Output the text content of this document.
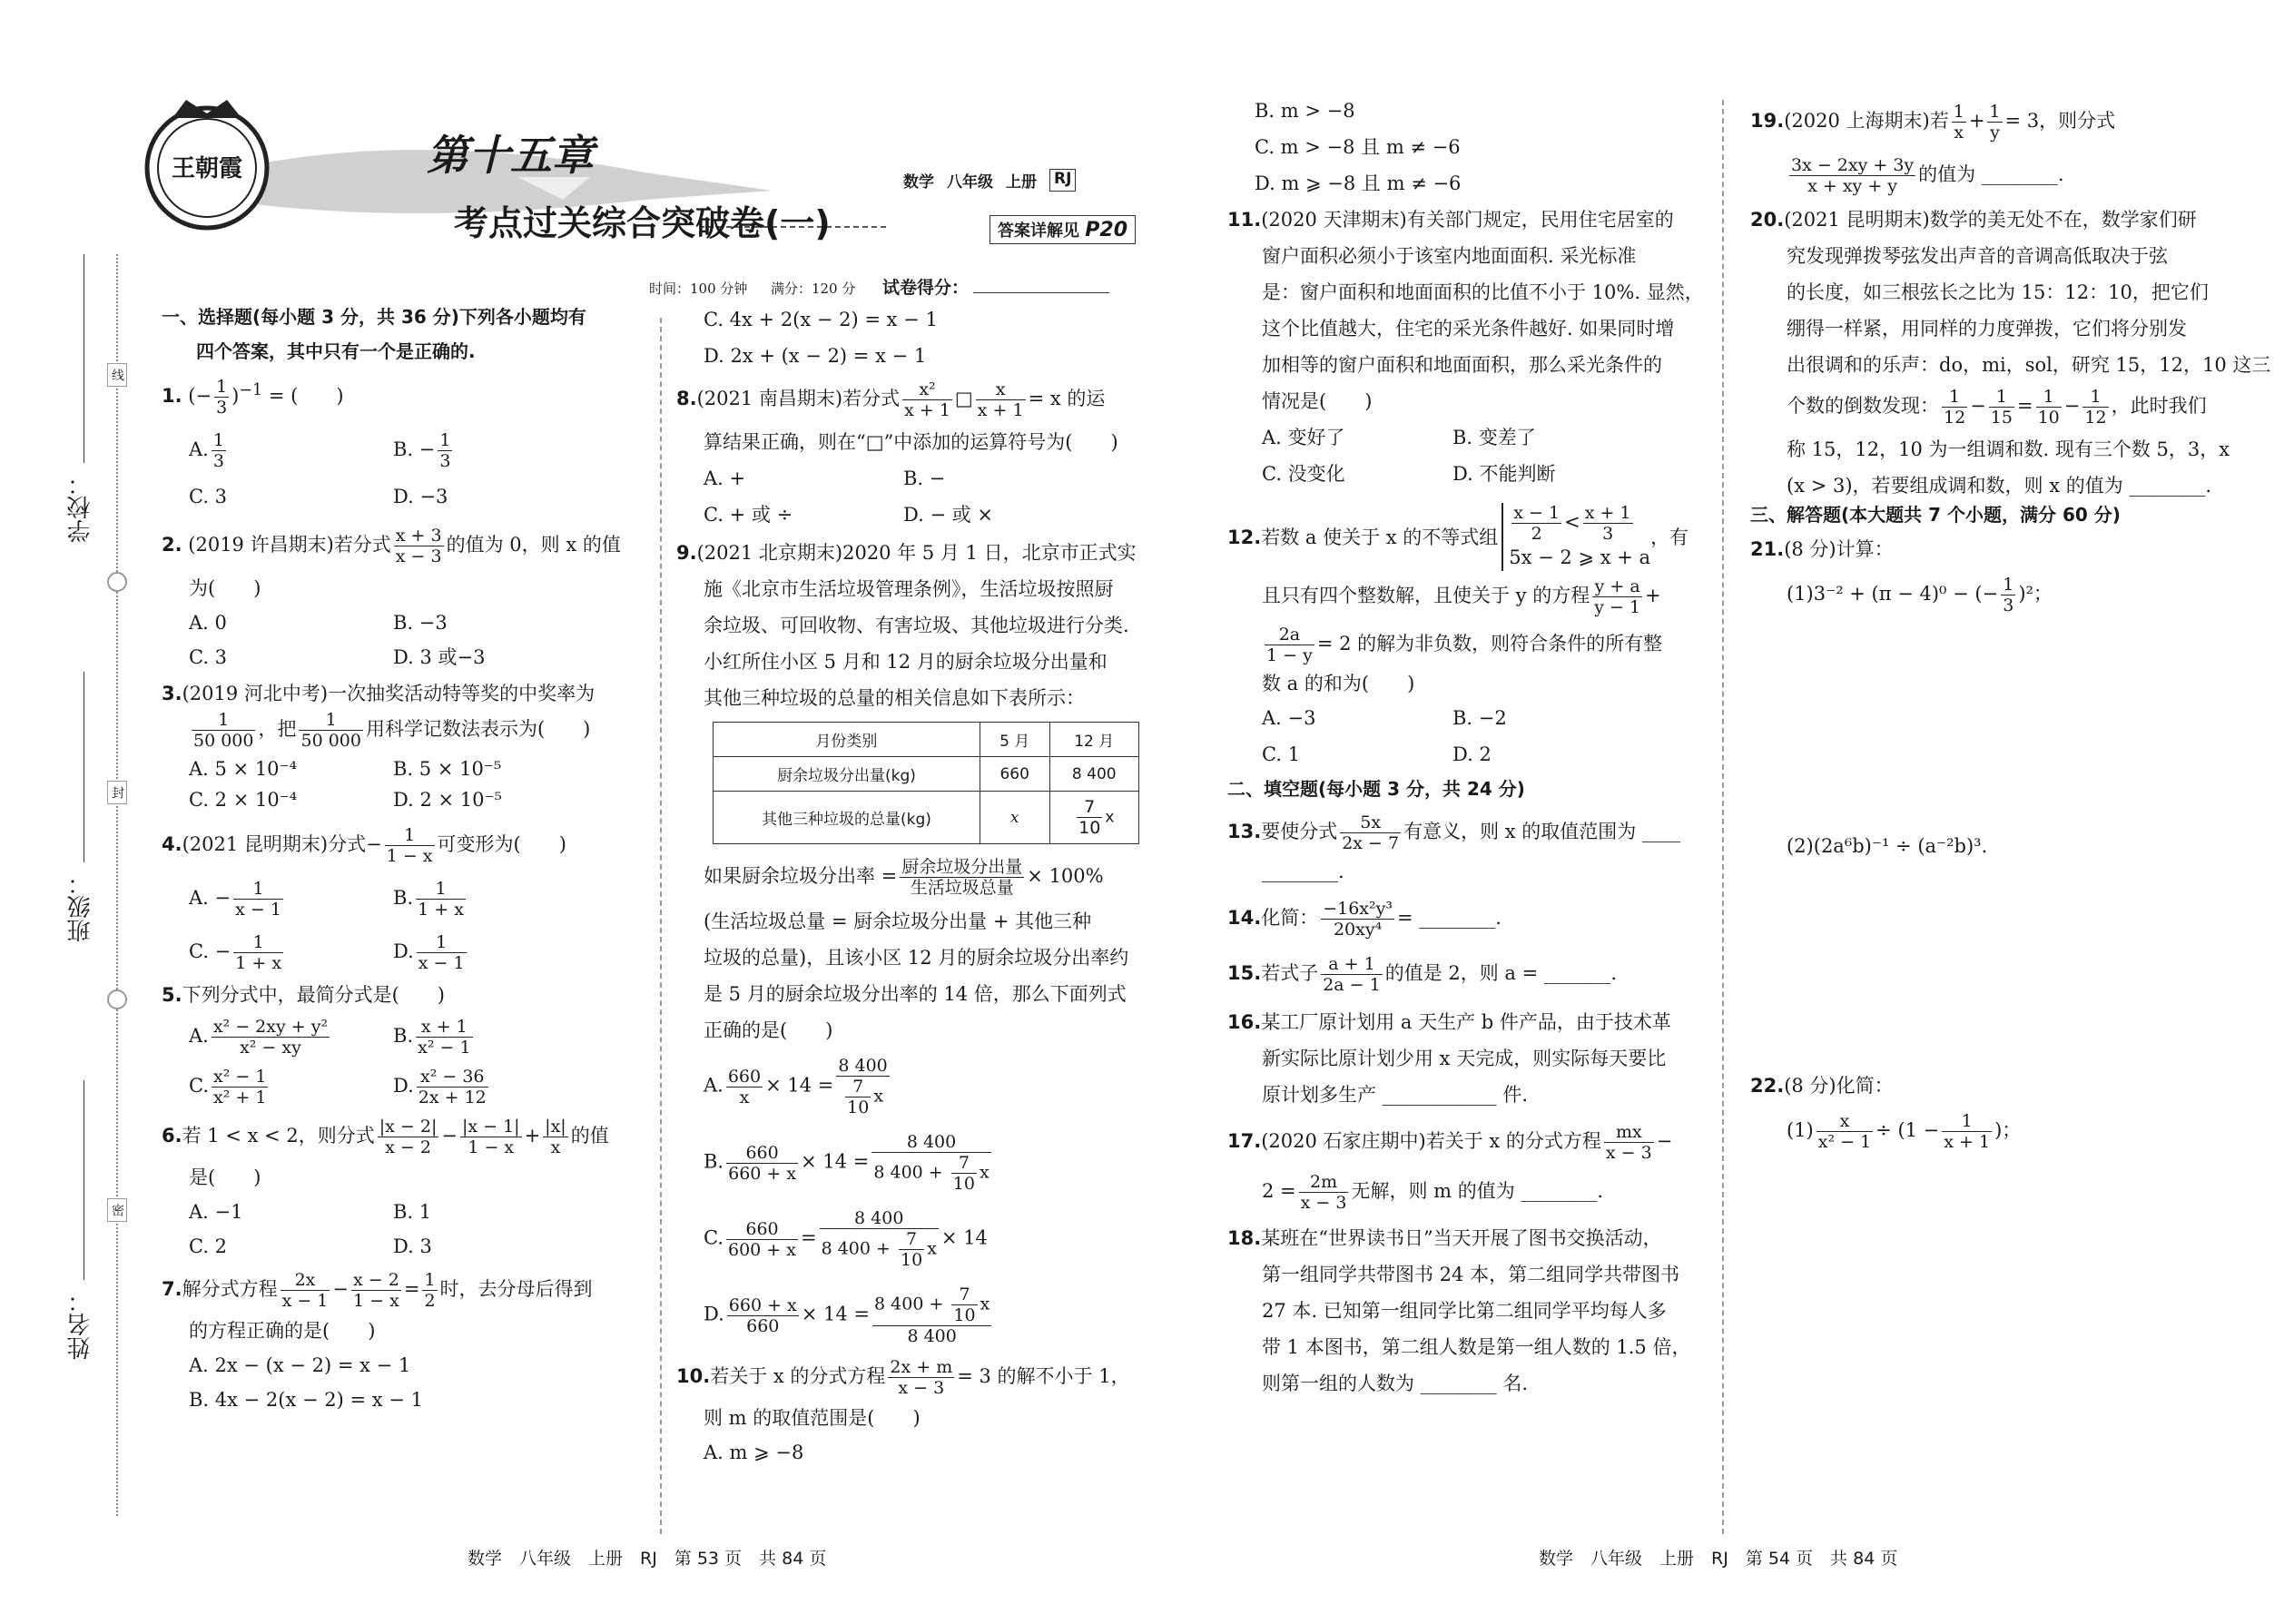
学校：
班级：
姓名：
线
封
密
王朝霞	第十五章
考点过关综合突破卷(一)
数学 八年级 上册 RJ
答案详解见 P20
时间：100 分钟 满分：120 分 试卷得分：
一、选择题(每小题 3 分，共 36 分)下列各小题均有
四个答案，其中只有一个是正确的.
1. (− $\frac{1}{3} )^{-1}$ = (　　)
A. $\frac{1}{3}$	B. − $\frac{1}{3}$
C. 3	D. −3
2. (2019 许昌期末)若分式 $\frac{x + 3}{x - 3}$ 的值为 0，则 x 的值
为(　　)
A. 0	B. −3
C. 3	D. 3 或−3
3.(2019 河北中考)一次抽奖活动特等奖的中奖率为
$\frac{1}{50 000}$ ，把 $\frac{1}{50 000}$ 用科学记数法表示为(　　)
A. 5 × 10⁻⁴	B. 5 × 10⁻⁵
C. 2 × 10⁻⁴	D. 2 × 10⁻⁵
4.(2021 昆明期末)分式− $\frac{1}{1 - x}$ 可变形为(　　)
A. − $\frac{1}{x - 1}$	B. $\frac{1}{1 + x}$
C. − $\frac{1}{1 + x}$	D. $\frac{1}{x - 1}$
5.下列分式中，最简分式是(　　)
A. $\frac{\text{x² − 2xy + y²}}{\text{x² − xy}}$	B. $\frac{x + 1}{\text{x² − 1}}$
C. $\frac{\text{x² − 1}}{\text{x² + 1}}$	D. $\frac{\text{x² − 36}}{2x + 12}$
6.若 1 < x < 2，则分式 $\frac{|x - 2|}{x - 2} - \frac{|x - 1|}{1 - x} + \frac{|x|}{x}$ 的值
是(　　)
A. −1	B. 1
C. 2	D. 3
7.解分式方程 $\frac{2x}{x - 1} - \frac{x - 2}{1 - x} = \frac{1}{2}$ 时，去分母后得到
的方程正确的是(　　)
A. 2x − (x − 2) = x − 1
B. 4x − 2(x − 2) = x − 1
C. 4x + 2(x − 2) = x − 1
D. 2x + (x − 2) = x − 1
8.(2021 南昌期末)若分式 $\frac{\text{x²}}{x + 1}$ □ $\frac{x}{x + 1} = x$ 的运
算结果正确，则在“□”中添加的运算符号为(　　)
A. +	B. −
C. + 或 ÷	D. − 或 ×
9.(2021 北京期末)2020 年 5 月 1 日，北京市正式实
施《北京市生活垃圾管理条例》，生活垃圾按照厨
余垃圾、可回收物、有害垃圾、其他垃圾进行分类.
小红所住小区 5 月和 12 月的厨余垃圾分出量和
其他三种垃圾的总量的相关信息如下表所示：
月份类别	5 月	12 月
厨余垃圾分出量(kg)	660	8 400
其他三种垃圾的总量(kg)	x	$\frac{7}{10}$ x
如果厨余垃圾分出率 = $\frac{\text{厨余垃圾分出量}}{\text{生活垃圾总量}} \times 100\%$
(生活垃圾总量 = 厨余垃圾分出量 + 其他三种
垃圾的总量)，且该小区 12 月的厨余垃圾分出率约
是 5 月的厨余垃圾分出率的 14 倍，那么下面列式
正确的是(　　)
A. $\frac{660}{x} \times 14 = \frac{8 400}{\frac{7}{10} x}$
B. $\frac{660}{660 + x} \times 14 = \frac{8 400}{8 400 + \frac{7}{10} x}$
C. $\frac{660}{600 + x} = \frac{8 400}{8 400 + \frac{7}{10} x} \times 14$
D. $\frac{660 + x}{660} \times 14 = \frac{8 400 + \frac{7}{10} x}{8 400}$
10.若关于 x 的分式方程 $\frac{2x + m}{x - 3} = 3$ 的解不小于 1，
则 m 的取值范围是(　　)
A. m ⩾ −8
B. m > −8
C. m > −8 且 m ≠ −6
D. m ⩾ −8 且 m ≠ −6
11.(2020 天津期末)有关部门规定，民用住宅居室的
窗户面积必须小于该室内地面面积. 采光标准
是：窗户面积和地面面积的比值不小于 10%. 显然，
这个比值越大，住宅的采光条件越好. 如果同时增
加相等的窗户面积和地面面积，那么采光条件的
情况是(　　)
A. 变好了	B. 变差了
C. 没变化	D. 不能判断
12. 若数 a 使关于 x 的不等式组 $\frac{x - 1}{2} < \frac{x + 1}{3}$
5x − 2 ⩾ x + a
，有
且只有四个整数解，且使关于 y 的方程 $\frac{y + a}{y - 1}$ +
$\frac{2a}{1 - y} = 2$ 的解为非负数，则符合条件的所有整
数 a 的和为(　　)
A. −3	B. −2
C. 1	D. 2
二、填空题(每小题 3 分，共 24 分)
13.要使分式 $\frac{5x}{2x - 7}$ 有意义，则 x 的取值范围为 ____
________.
14.化简： $\frac{\text{−16x²y³}}{\text{20xy⁴}}$ = ________.
15.若式子 $\frac{a + 1}{2a - 1}$ 的值是 2，则 a = _______.
16.某工厂原计划用 a 天生产 b 件产品，由于技术革
新实际比原计划少用 x 天完成，则实际每天要比
原计划多生产 ____________ 件.
17.(2020 石家庄期中)若关于 x 的分式方程 $\frac{mx}{x - 3}$ −
$2 = \frac{2m}{x - 3}$ 无解，则 m 的值为 ________.
18.某班在“世界读书日”当天开展了图书交换活动，
第一组同学共带图书 24 本，第二组同学共带图书
27 本. 已知第一组同学比第二组同学平均每人多
带 1 本图书，第二组人数是第一组人数的 1.5 倍，
则第一组的人数为 ________ 名.
19.(2020 上海期末)若 $\frac{1}{x} + \frac{1}{y} = 3$，则分式
$\frac{3x - 2xy + 3y}{x + xy + y}$ 的值为 ________.
20.(2021 昆明期末)数学的美无处不在，数学家们研
究发现弹拨琴弦发出声音的音调高低取决于弦
的长度，如三根弦长之比为 15：12：10，把它们
绷得一样紧，用同样的力度弹拨，它们将分别发
出很调和的乐声：do，mi，sol，研究 15，12，10 这三
个数的倒数发现： $\frac{1}{12} - \frac{1}{15} = \frac{1}{10} - \frac{1}{12}$ ，此时我们
称 15，12，10 为一组调和数. 现有三个数 5，3，x
(x > 3)，若要组成调和数，则 x 的值为 ________.
三、解答题(本大题共 7 个小题，满分 60 分)
21.(8 分)计算：
(1)3⁻² + (π − 4)⁰ − (− $\frac{1}{3} )^2$；
(2)(2a⁶b)⁻¹ ÷ (a⁻²b)³.
22.(8 分)化简：
$(1) \frac{x}{\text{x² − 1}} \div (1 - \frac{1}{x + 1}$ )；
数学　八年级　上册　RJ　第 53 页　共 84 页	数学　八年级　上册　RJ　第 54 页　共 84 页
